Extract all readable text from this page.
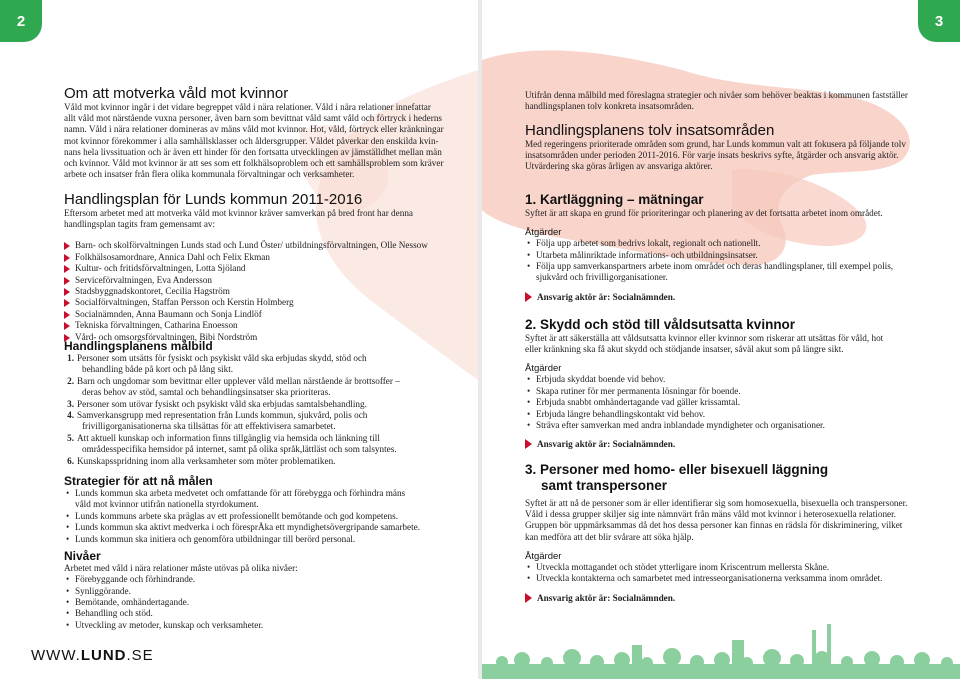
2
Om att motverka våld mot kvinnor

Våld mot kvinnor ingår i det vidare begreppet våld i nära relationer. Våld i nära relationer innefattar

allt våld mot närstående vuxna personer, även barn som bevittnat våld samt våld och förtryck i hederns

namn. Våld i nära relationer domineras av mäns våld mot kvinnor. Hot, våld, förtryck eller kränkningar

mot kvinnor förekommer i alla samhällsklasser och åldersgrupper. Våldet påverkar den enskilda kvin-

nans hela livssituation och är även ett hinder för den fortsatta utvecklingen av jämställdhet mellan män

och kvinnor. Våld mot kvinnor är att ses som ett folkhälsoproblem och ett samhällsproblem som kräver

arbete och insatser från flera olika kommunala förvaltningar och verksamheter.

Handlingsplan för Lunds kommun 2011-2016

Eftersom arbetet med att motverka våld mot kvinnor kräver samverkan på bred front har denna

handlingsplan tagits fram gemensamt av:

Barn- och skolförvaltningen Lunds stad och Lund Öster/ utbildningsförvaltningen, Olle Nessow
Folkhälsosamordnare, Annica Dahl och Felix Ekman
Kultur- och fritidsförvaltningen, Lotta Sjöland
Serviceförvaltningen, Eva Andersson
Stadsbyggnadskontoret, Cecilia Hagström
Socialförvaltningen, Staffan Persson och Kerstin Holmberg
Socialnämnden, Anna Baumann och Sonja Lindlöf
Tekniska förvaltningen, Catharina Enoesson
Vård- och omsorgsförvaltningen, Bibi Nordström
Handlingsplanens målbild
1. Personer som utsätts för fysiskt och psykiskt våld ska erbjudas skydd, stöd och
behandling både på kort och på lång sikt.
2. Barn och ungdomar som bevittnar eller upplever våld mellan närstående är brottsoffer –
deras behov av stöd, samtal och behandlingsinsatser ska prioriteras.
3. Personer som utövar fysiskt och psykiskt våld ska erbjudas samtalsbehandling.
4. Samverkansgrupp med representation från Lunds kommun, sjukvård, polis och
frivilligorganisationerna ska tillsättas för att effektivisera samarbetet.
5. Att aktuell kunskap och information finns tillgänglig via hemsida och länkning till
områdesspecifika hemsidor på internet, samt på olika språk,lättläst och som talsyntes.
6. Kunskapsspridning inom alla verksamheter som möter problematiken.
Strategier för att nå målen
• Lunds kommun ska arbeta medvetet och omfattande för att förebygga och förhindra mäns
våld mot kvinnor utifrån nationella styrdokument.
• Lunds kommuns arbete ska präglas av ett professionellt bemötande och god kompetens.
• Lunds kommun ska aktivt medverka i och föresprÅka ett myndighetsövergripande samarbete.
• Lunds kommun ska initiera och genomföra utbildningar till berörd personal.
Nivåer

Arbetet med våld i nära relationer måste utövas på olika nivåer:

• Förebyggande och förhindrande.
• Synliggörande.
• Bemötande, omhändertagande.
• Behandling och stöd.
• Utveckling av metoder, kunskap och verksamheter.
WWW.LUND.SE
3

Utifrån denna målbild med föreslagna strategier och nivåer som behöver beaktas i kommunen fastställer

handlingsplanen tolv konkreta insatsområden.

Handlingsplanens tolv insatsområden

Med regeringens prioriterade områden som grund, har Lunds kommun valt att fokusera på följande tolv

insatsområden under perioden 2011-2016. För varje insats beskrivs syfte, åtgärder och ansvarig aktör.

Utvärdering ska göras årligen av ansvariga aktörer.

1. Kartläggning – mätningar

Syftet är att skapa en grund för prioriteringar och planering av det fortsatta arbetet inom området.

Åtgärder
• Följa upp arbetet som bedrivs lokalt, regionalt och nationellt.
• Utarbeta målinriktade informations- och utbildningsinsatser.
• Följa upp samverkanspartners arbete inom området och deras handlingsplaner, till exempel polis,
sjukvård och frivilligorganisationer.
Ansvarig aktör är: Socialnämnden.
2. Skydd och stöd till våldsutsatta kvinnor

Syftet är att säkerställa att våldsutsatta kvinnor eller kvinnor som riskerar att utsättas för våld, hot

eller kränkning ska få akut skydd och stödjande insatser, såväl akut som på längre sikt.

Åtgärder
• Erbjuda skyddat boende vid behov.
• Skapa rutiner för mer permanenta lösningar för boende.
• Erbjuda snabbt omhändertagande vad gäller krissamtal.
• Erbjuda längre behandlingskontakt vid behov.
• Sträva efter samverkan med andra inblandade myndigheter och organisationer.
Ansvarig aktör är: Socialnämnden.
3. Personer med homo- eller bisexuell läggning
samt transpersoner

Syftet är att nå de personer som är eller identifierar sig som homosexuella, bisexuella och transpersoner.

Våld i dessa grupper skiljer sig inte nämnvärt från mäns våld mot kvinnor i heterosexuella relationer.

Gruppen bör uppmärksammas då det hos dessa personer kan finnas en rädsla för diskriminering, vilket

kan medföra att det blir svårare att söka hjälp.

Åtgärder
• Utveckla mottagandet och stödet ytterligare inom Kriscentrum mellersta Skåne.
• Utveckla kontakterna och samarbetet med intresseorganisationerna verksamma inom området.
Ansvarig aktör är: Socialnämnden.
